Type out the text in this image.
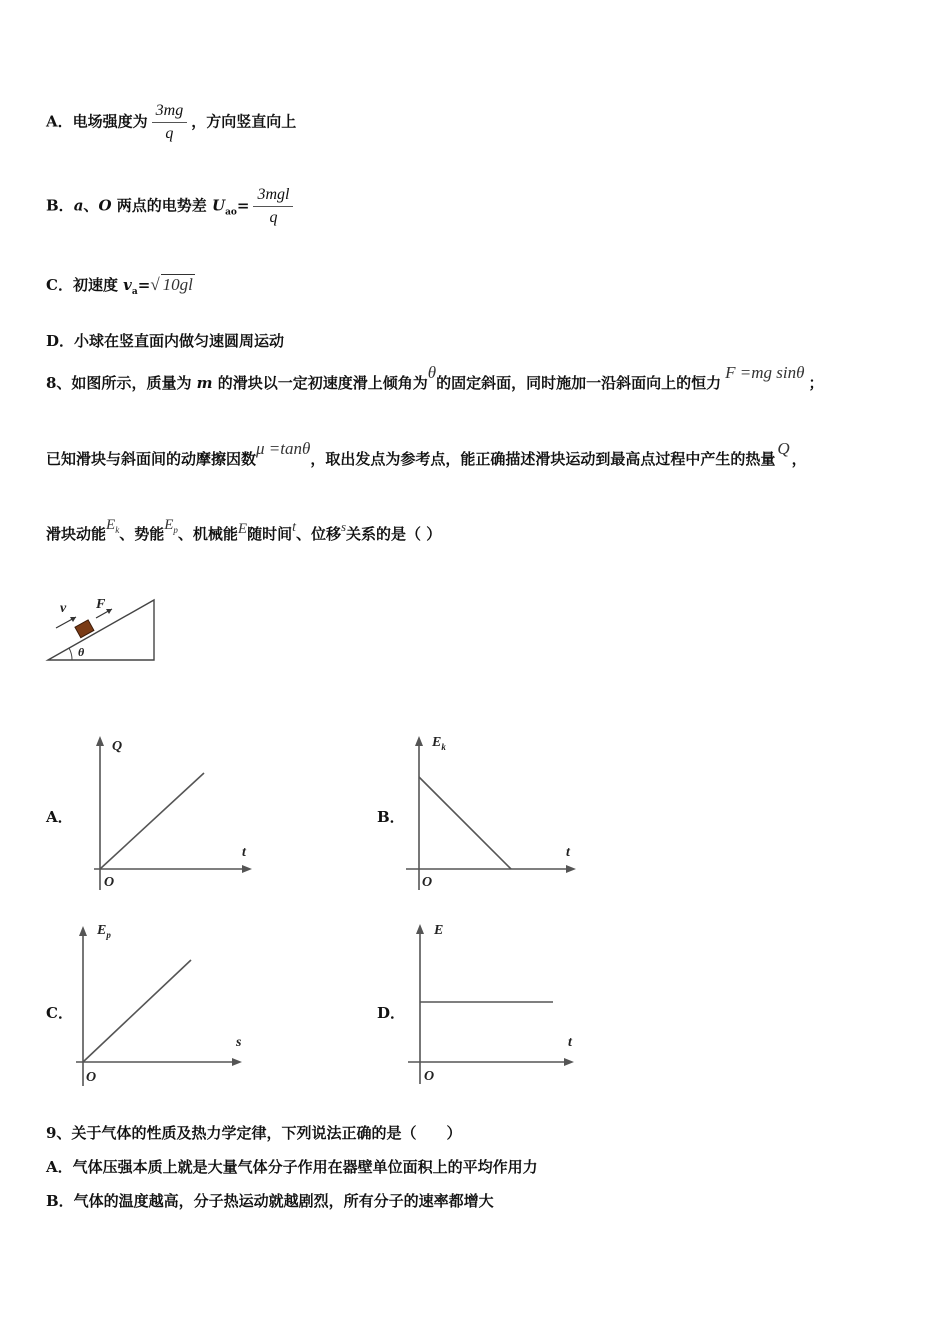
A．电场强度为 $\frac{3mg}{q}$ ，方向竖直向上
B．a、O 两点的电势差 $U_{ao}= \frac{\text{3mgl}}{q}$
C．初速度 $v_a=√$ 10gl
D．小球在竖直面内做匀速圆周运动
8、如图所示，质量为 m 的滑块以一定初速度滑上倾角为θ的固定斜面，同时施加一沿斜面向上的恒力F =mg sinθ；
已知滑块与斜面间的动摩擦因数μ =tanθ，取出发点为参考点，能正确描述滑块运动到最高点过程中产生的热量Q，
滑块动能$E_k$、势能$E_p$、机械能E随时间t、位移s关系的是（ ）
v F
θ
A．	B．
C．	D．
Q
t
O
$E_k$
t
O
$E_p$
s
O
E
t
O
9、关于气体的性质及热力学定律，下列说法正确的是（　　）
A．气体压强本质上就是大量气体分子作用在器壁单位面积上的平均作用力
B．气体的温度越高，分子热运动就越剧烈，所有分子的速率都增大
